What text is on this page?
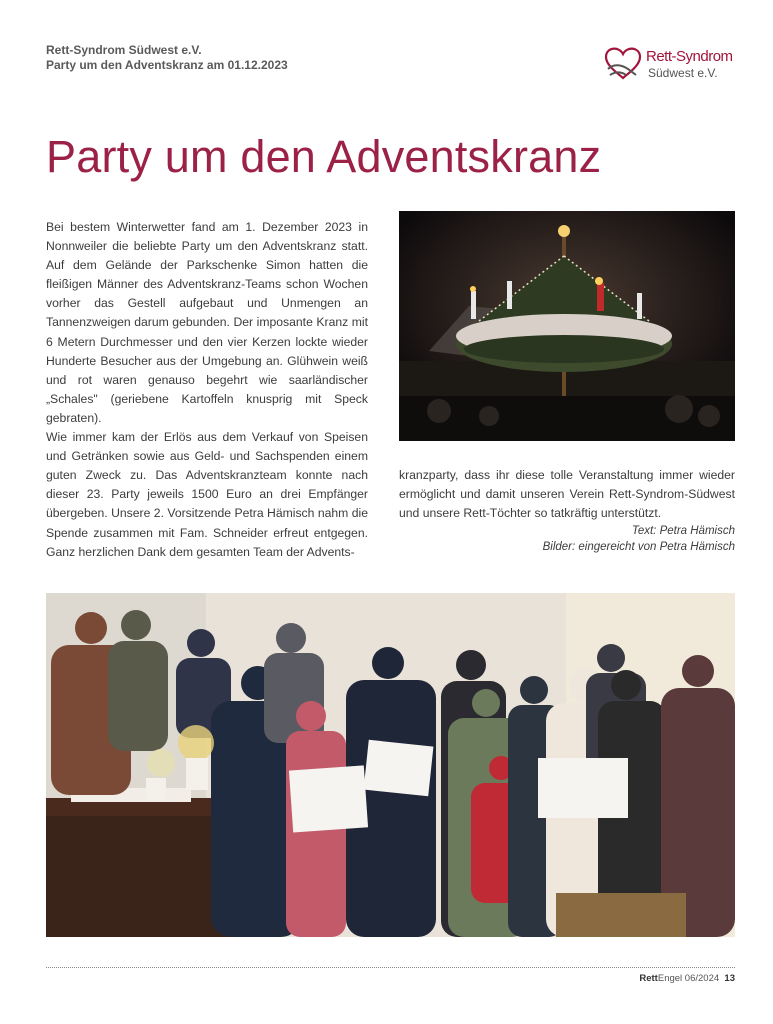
Rett-Syndrom Südwest e.V.
Party um den Adventskranz am 01.12.2023	Rett-Syndrom
Südwest e.V.
Party um den Adventskranz

Bei bestem Winterwetter fand am 1. Dezember 2023 in Nonnweiler die beliebte Party um den Adventskranz statt. Auf dem Gelände der Parkschenke Simon hatten die fleißigen Männer des Adventskranz-Teams schon Wochen vorher das Gestell aufgebaut und Unmengen an Tannenzweigen darum gebunden. Der imposante Kranz mit 6 Metern Durchmesser und den vier Kerzen lockte wieder Hunderte Besucher aus der Umgebung an. Glühwein weiß und rot waren genauso begehrt wie saarländischer „Schales" (geriebene Kartoffeln knusprig mit Speck gebraten).

Wie immer kam der Erlös aus dem Verkauf von Speisen und Getränken sowie aus Geld- und Sachspenden einem guten Zweck zu. Das Adventskranzteam konnte nach dieser 23. Party jeweils 1500 Euro an drei Empfänger übergeben. Unsere 2. Vorsitzende Petra Hämisch nahm die Spende zusammen mit Fam. Schneider erfreut entgegen. Ganz herzlichen Dank dem gesamten Team der Advents-

kranzparty, dass ihr diese tolle Veranstaltung immer wieder ermöglicht und damit unseren Verein Rett-Syndrom-Südwest und unsere Rett-Töchter so tatkräftig unterstützt.

Text: Petra Hämisch
Bilder: eingereicht von Petra Hämisch
RettEngel 06/2024 13
